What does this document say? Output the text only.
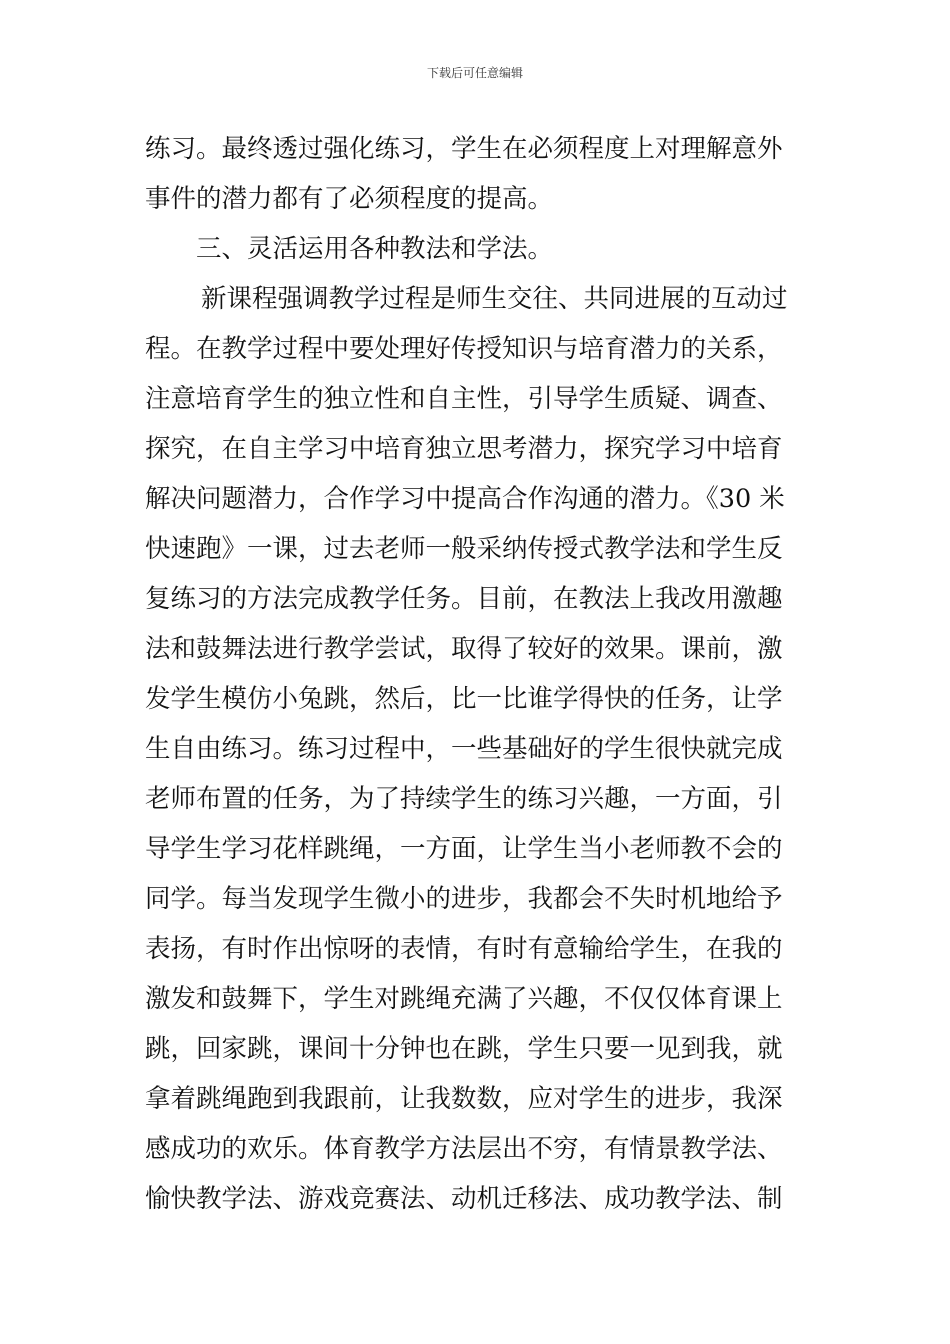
下载后可任意编辑
练习。最终透过强化练习，学生在必须程度上对理解意外
事件的潜力都有了必须程度的提高。
三、灵活运用各种教法和学法。
新课程强调教学过程是师生交往、共同进展的互动过
程。在教学过程中要处理好传授知识与培育潜力的关系，
注意培育学生的独立性和自主性，引导学生质疑、调查、
探究，在自主学习中培育独立思考潜力，探究学习中培育
解决问题潜力，合作学习中提高合作沟通的潜力。《30 米
快速跑》一课，过去老师一般采纳传授式教学法和学生反
复练习的方法完成教学任务。目前，在教法上我改用激趣
法和鼓舞法进行教学尝试，取得了较好的效果。课前，激
发学生模仿小兔跳，然后，比一比谁学得快的任务，让学
生自由练习。练习过程中，一些基础好的学生很快就完成
老师布置的任务，为了持续学生的练习兴趣，一方面，引
导学生学习花样跳绳，一方面，让学生当小老师教不会的
同学。每当发现学生微小的进步，我都会不失时机地给予
表扬，有时作出惊呀的表情，有时有意输给学生，在我的
激发和鼓舞下，学生对跳绳充满了兴趣，不仅仅体育课上
跳，回家跳，课间十分钟也在跳，学生只要一见到我，就
拿着跳绳跑到我跟前，让我数数，应对学生的进步，我深
感成功的欢乐。体育教学方法层出不穷，有情景教学法、
愉快教学法、游戏竞赛法、动机迁移法、成功教学法、制
